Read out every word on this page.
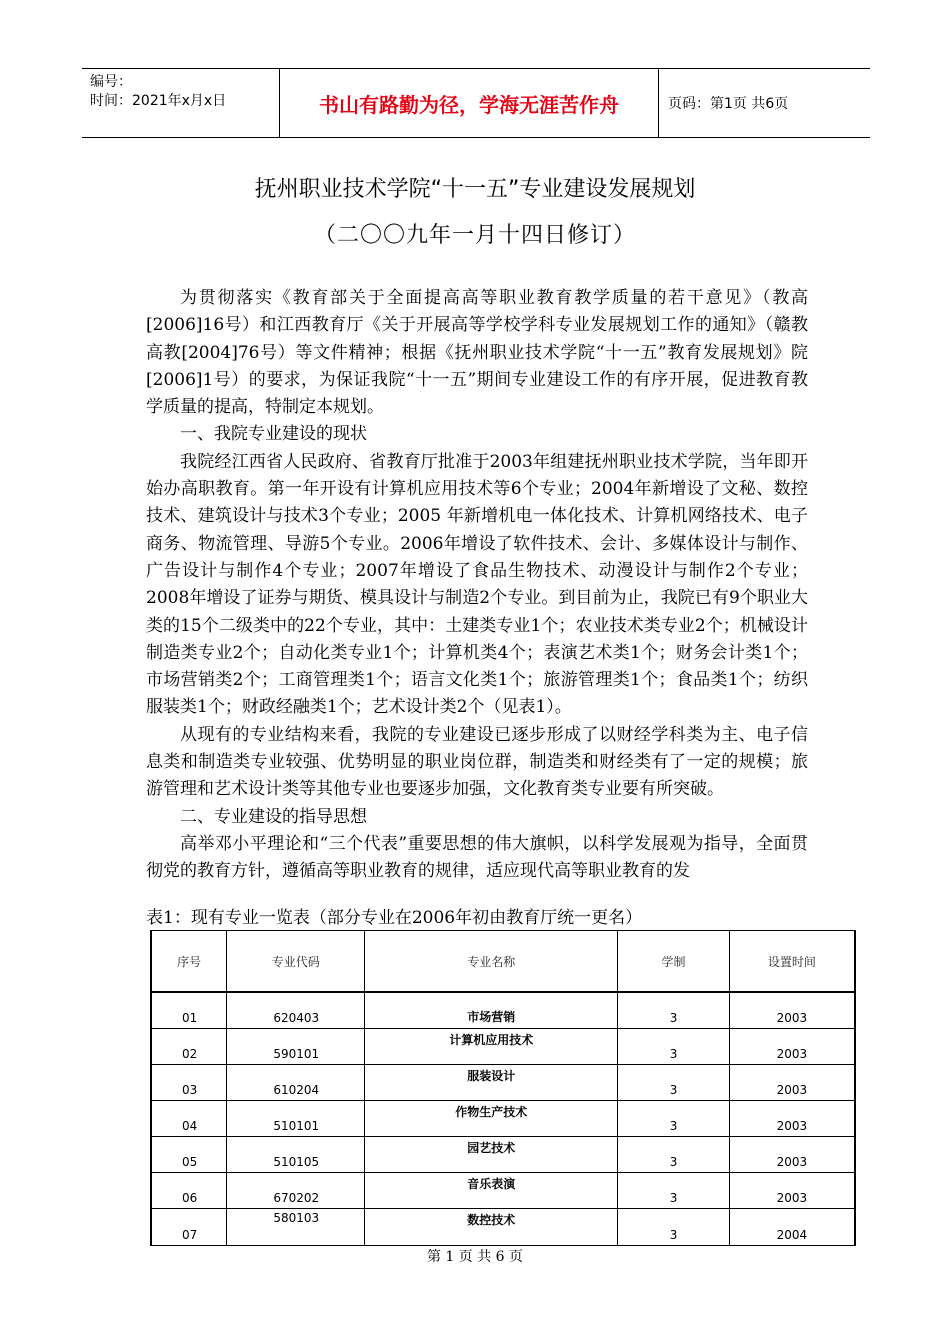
编号：
时间：2021年x月x日	书山有路勤为径，学海无涯苦作舟	页码：第1页 共6页
抚州职业技术学院“十一五”专业建设发展规划
（二〇〇九年一月十四日修订）

为贯彻落实《教育部关于全面提高高等职业教育教学质量的若干意见》（教高[2006]16号）和江西教育厅《关于开展高等学校学科专业发展规划工作的通知》（赣教高教[2004]76号）等文件精神；根据《抚州职业技术学院“十一五”教育发展规划》院[2006]1号）的要求，为保证我院“十一五”期间专业建设工作的有序开展，促进教育教学质量的提高，特制定本规划。

一、我院专业建设的现状

我院经江西省人民政府、省教育厅批准于2003年组建抚州职业技术学院，当年即开始办高职教育。第一年开设有计算机应用技术等6个专业；2004年新增设了文秘、数控技术、建筑设计与技术3个专业；2005 年新增机电一体化技术、计算机网络技术、电子商务、物流管理、导游5个专业。2006年增设了软件技术、会计、多媒体设计与制作、广告设计与制作4个专业；2007年增设了食品生物技术、动漫设计与制作2个专业；2008年增设了证券与期货、模具设计与制造2个专业。到目前为止，我院已有9个职业大类的15个二级类中的22个专业，其中：土建类专业1个；农业技术类专业2个；机械设计制造类专业2个；自动化类专业1个；计算机类4个；表演艺术类1个；财务会计类1个；市场营销类2个；工商管理类1个；语言文化类1个；旅游管理类1个；食品类1个；纺织服装类1个；财政经融类1个；艺术设计类2个（见表1）。

从现有的专业结构来看，我院的专业建设已逐步形成了以财经学科类为主、电子信息类和制造类专业较强、优势明显的职业岗位群，制造类和财经类有了一定的规模；旅游管理和艺术设计类等其他专业也要逐步加强，文化教育类专业要有所突破。

二、专业建设的指导思想

高举邓小平理论和“三个代表”重要思想的伟大旗帜，以科学发展观为指导，全面贯彻党的教育方针，遵循高等职业教育的规律，适应现代高等职业教育的发

表1：现有专业一览表（部分专业在2006年初由教育厅统一更名）
序号	专业代码	专业名称	学制	设置时间
01	620403	市场营销	3	2003
02	590101	计算机应用技术	3	2003
03	610204	服装设计	3	2003
04	510101	作物生产技术	3	2003
05	510105	园艺技术	3	2003
06	670202	音乐表演	3	2003
07	580103	数控技术	3	2004
第 1 页 共 6 页
